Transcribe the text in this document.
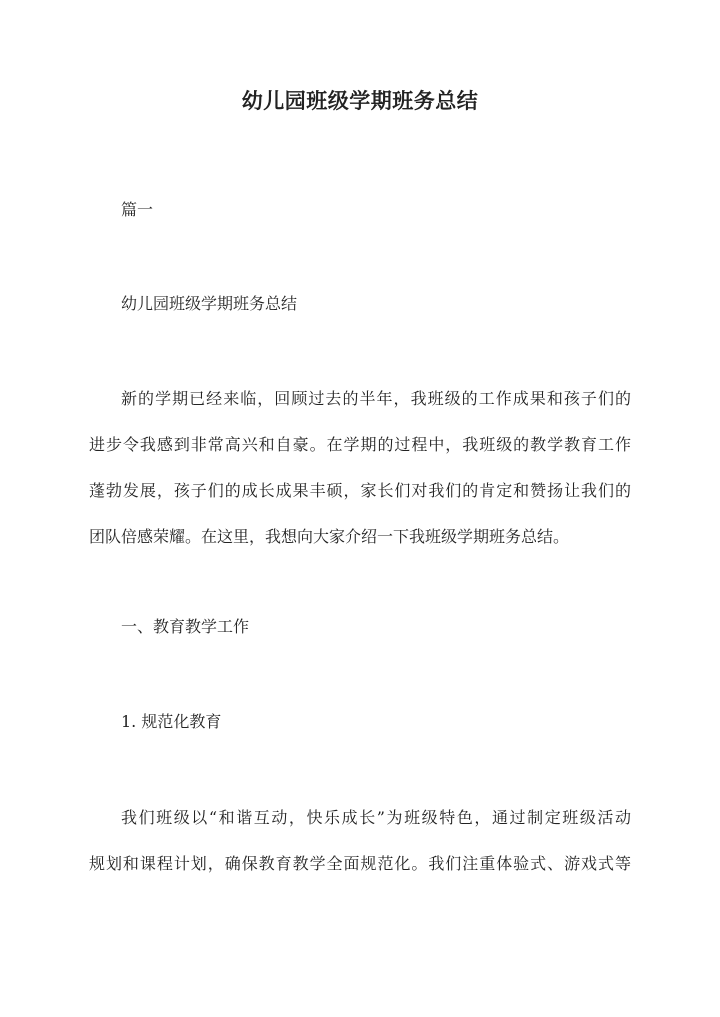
幼儿园班级学期班务总结
篇一
幼儿园班级学期班务总结
新的学期已经来临，回顾过去的半年，我班级的工作成果和孩子们的
进步令我感到非常高兴和自豪。在学期的过程中，我班级的教学教育工作
蓬勃发展，孩子们的成长成果丰硕，家长们对我们的肯定和赞扬让我们的
团队倍感荣耀。在这里，我想向大家介绍一下我班级学期班务总结。
一、教育教学工作
1. 规范化教育
我们班级以“和谐互动，快乐成长”为班级特色，通过制定班级活动
规划和课程计划，确保教育教学全面规范化。我们注重体验式、游戏式等
